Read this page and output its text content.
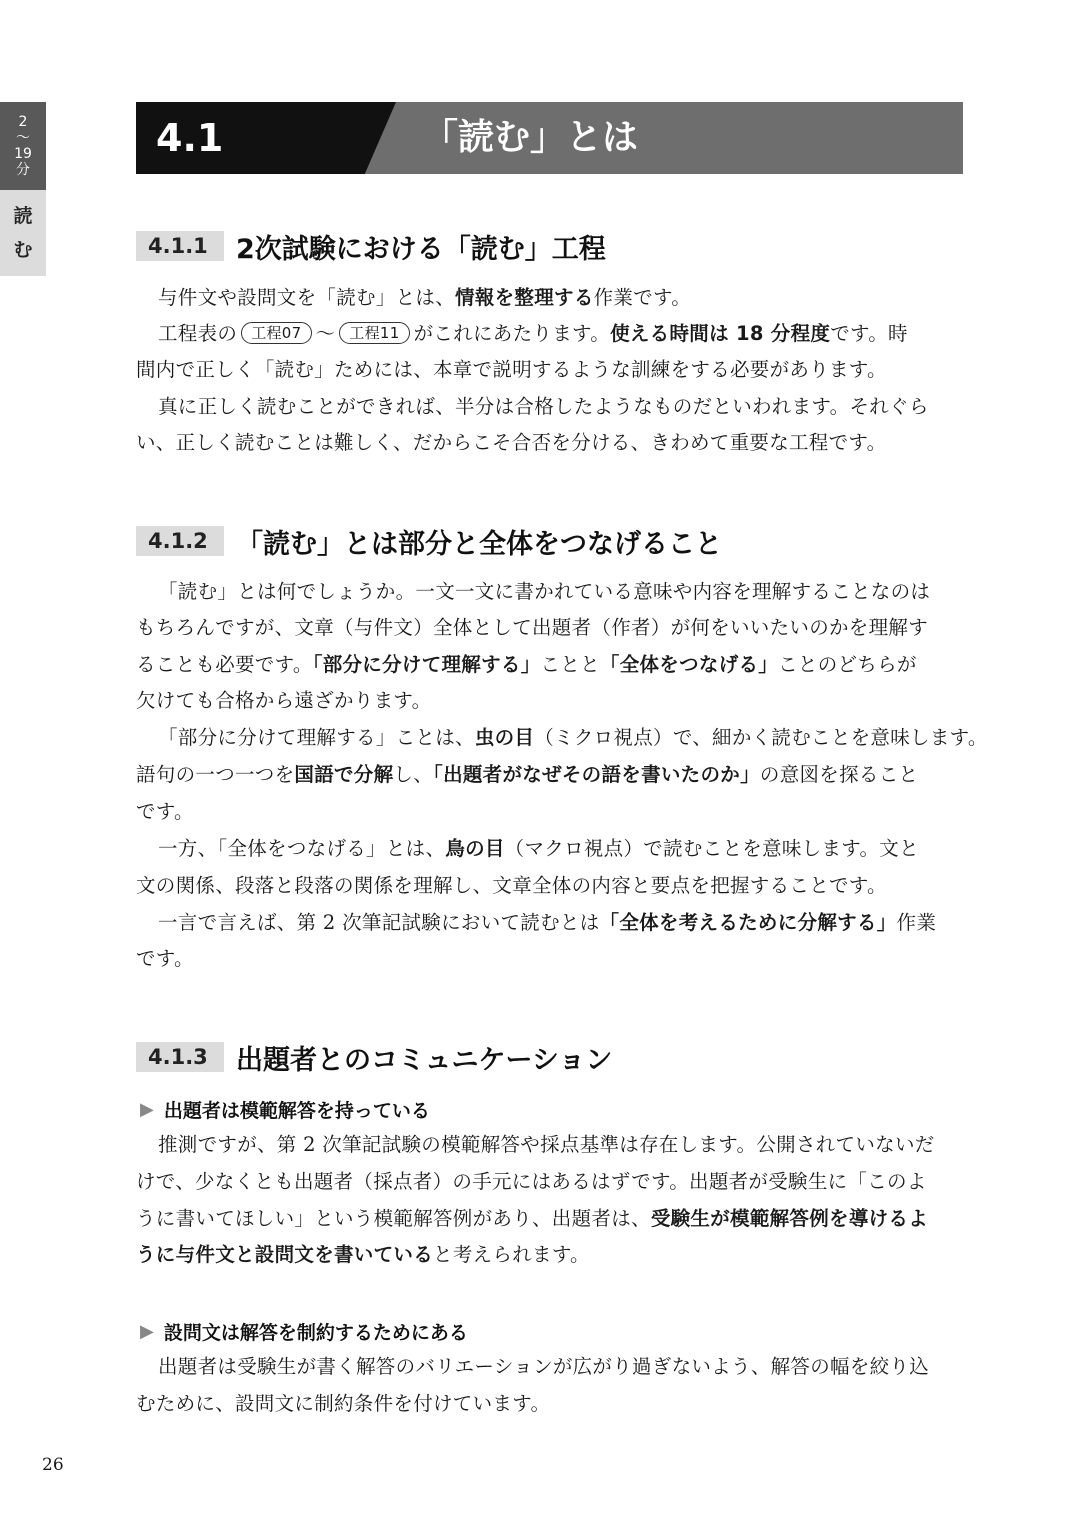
2
〜
19
分
読
む
4.1	「読む」とは
4.1.1	2次試験における「読む」工程
与件文や設問文を「読む」とは、情報を整理する作業です。
工程表の 工程07 〜 工程11 がこれにあたります。使える時間は 18 分程度です。時
間内で正しく「読む」ためには、本章で説明するような訓練をする必要があります。
真に正しく読むことができれば、半分は合格したようなものだといわれます。それぐら
い、正しく読むことは難しく、だからこそ合否を分ける、きわめて重要な工程です。
4.1.2	「読む」とは部分と全体をつなげること
「読む」とは何でしょうか。一文一文に書かれている意味や内容を理解することなのは
もちろんですが、文章（与件文）全体として出題者（作者）が何をいいたいのかを理解す
ることも必要です。「部分に分けて理解する」ことと「全体をつなげる」ことのどちらが
欠けても合格から遠ざかります。
「部分に分けて理解する」ことは、虫の目（ミクロ視点）で、細かく読むことを意味します。
語句の一つ一つを国語で分解し、「出題者がなぜその語を書いたのか」の意図を探ること
です。
一方、「全体をつなげる」とは、鳥の目（マクロ視点）で読むことを意味します。文と
文の関係、段落と段落の関係を理解し、文章全体の内容と要点を把握することです。
一言で言えば、第 2 次筆記試験において読むとは「全体を考えるために分解する」作業
です。
4.1.3	出題者とのコミュニケーション
▶ 出題者は模範解答を持っている
推測ですが、第 2 次筆記試験の模範解答や採点基準は存在します。公開されていないだ
けで、少なくとも出題者（採点者）の手元にはあるはずです。出題者が受験生に「このよ
うに書いてほしい」という模範解答例があり、出題者は、受験生が模範解答例を導けるよ
うに与件文と設問文を書いていると考えられます。
▶ 設問文は解答を制約するためにある
出題者は受験生が書く解答のバリエーションが広がり過ぎないよう、解答の幅を絞り込
むために、設問文に制約条件を付けています。
26
